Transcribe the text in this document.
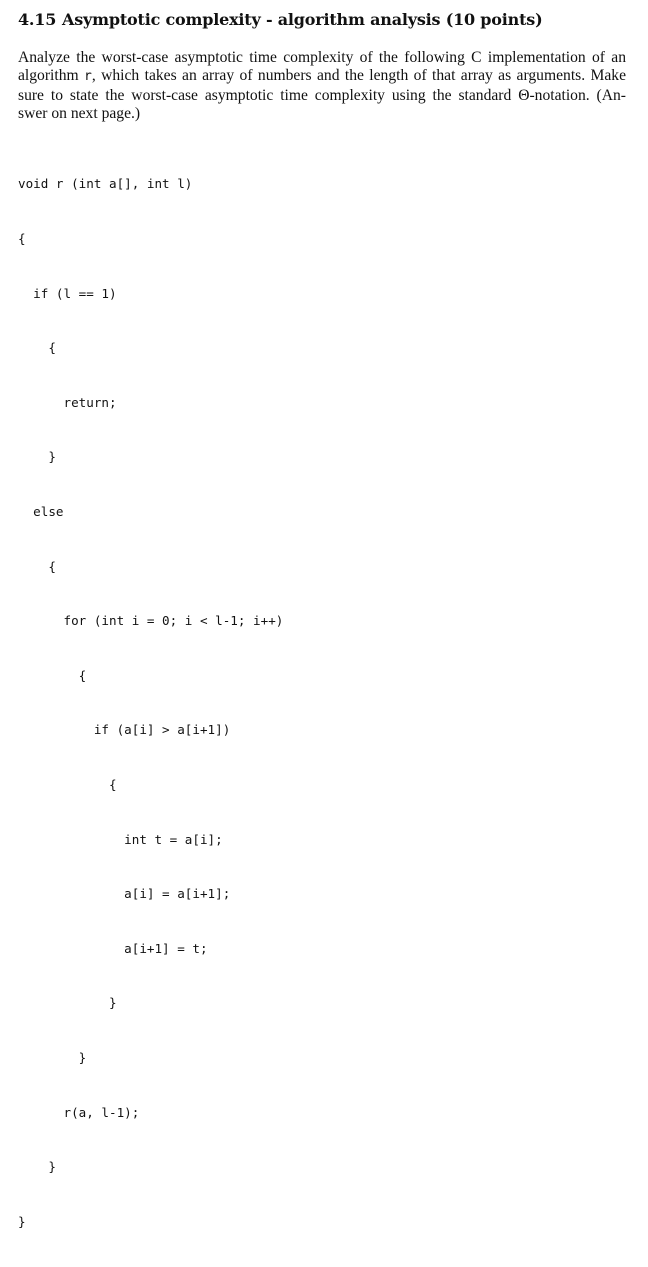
4.15 Asymptotic complexity - algorithm analysis (10 points)
Analyze the worst-case asymptotic time complexity of the following C implementation of an
algorithm r, which takes an array of numbers and the length of that array as arguments. Make
sure to state the worst-case asymptotic time complexity using the standard Θ-notation. (An-
swer on next page.)

void r (int a[], int l)

{

if (l == 1)

{

return;

}

else

{

for (int i = 0; i < l-1; i++)

{

if (a[i] > a[i+1])

{

int t = a[i];

a[i] = a[i+1];

a[i+1] = t;

}

}

r(a, l-1);

}

}
